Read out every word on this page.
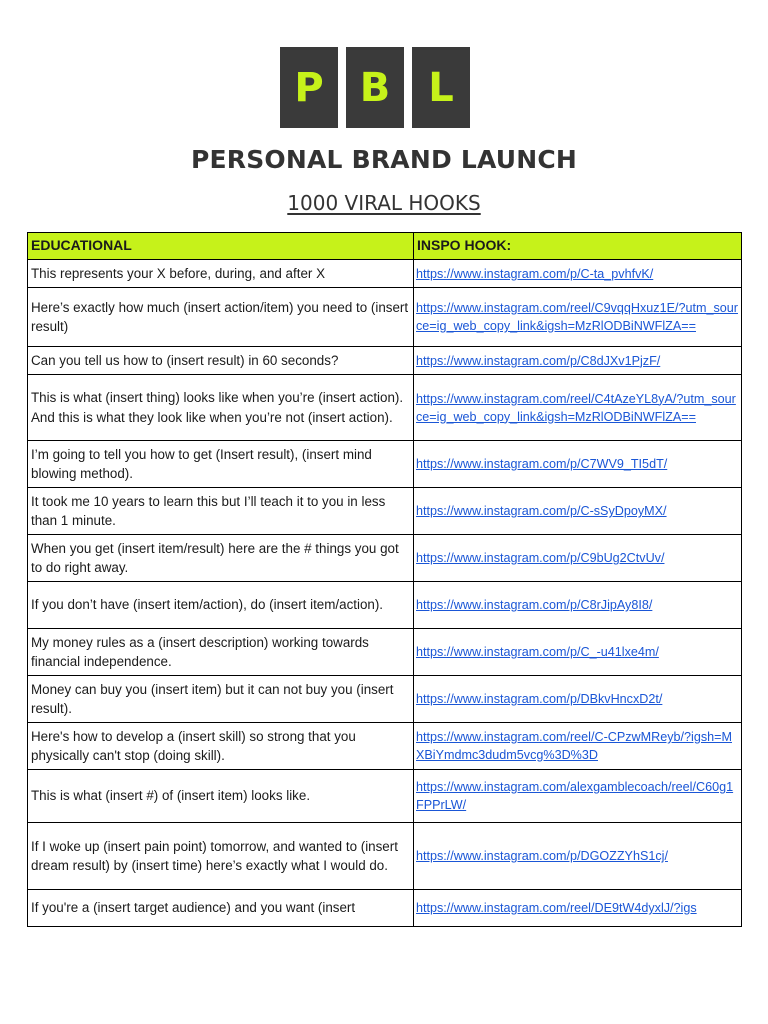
P B L
PERSONAL BRAND LAUNCH
1000 VIRAL HOOKS
EDUCATIONAL	INSPO HOOK:
This represents your X before, during, and after X	https://www.instagram.com/p/C-ta_pvhfvK/
Here’s exactly how much (insert action/item) you need to (insert result)	https://www.instagram.com/reel/C9vqqHxuz1E/?utm_source=ig_web_copy_link&igsh=MzRlODBiNWFlZA==
Can you tell us how to (insert result) in 60 seconds?	https://www.instagram.com/p/C8dJXv1PjzF/
This is what (insert thing) looks like when you’re (insert action). And this is what they look like when you’re not (insert action).	https://www.instagram.com/reel/C4tAzeYL8yA/?utm_source=ig_web_copy_link&igsh=MzRlODBiNWFlZA==
I’m going to tell you how to get (Insert result), (insert mind blowing method).	https://www.instagram.com/p/C7WV9_TI5dT/
It took me 10 years to learn this but I’ll teach it to you in less than 1 minute.	https://www.instagram.com/p/C-sSyDpoyMX/
When you get (insert item/result) here are the # things you got to do right away.	https://www.instagram.com/p/C9bUg2CtvUv/
If you don’t have (insert item/action), do (insert item/action).	https://www.instagram.com/p/C8rJipAy8I8/
My money rules as a (insert description) working towards financial independence.	https://www.instagram.com/p/C_-u41lxe4m/
Money can buy you (insert item) but it can not buy you (insert result).	https://www.instagram.com/p/DBkvHncxD2t/
Here's how to develop a (insert skill) so strong that you physically can't stop (doing skill).	https://www.instagram.com/reel/C-CPzwMReyb/?igsh=MXBiYmdmc3dudm5vcg%3D%3D
This is what (insert #) of (insert item) looks like.	https://www.instagram.com/alexgamblecoach/reel/C60g1FPPrLW/
If I woke up (insert pain point) tomorrow, and wanted to (insert dream result) by (insert time) here’s exactly what I would do.	https://www.instagram.com/p/DGOZZYhS1cj/
If you're a (insert target audience) and you want (insert	https://www.instagram.com/reel/DE9tW4dyxlJ/?igs
